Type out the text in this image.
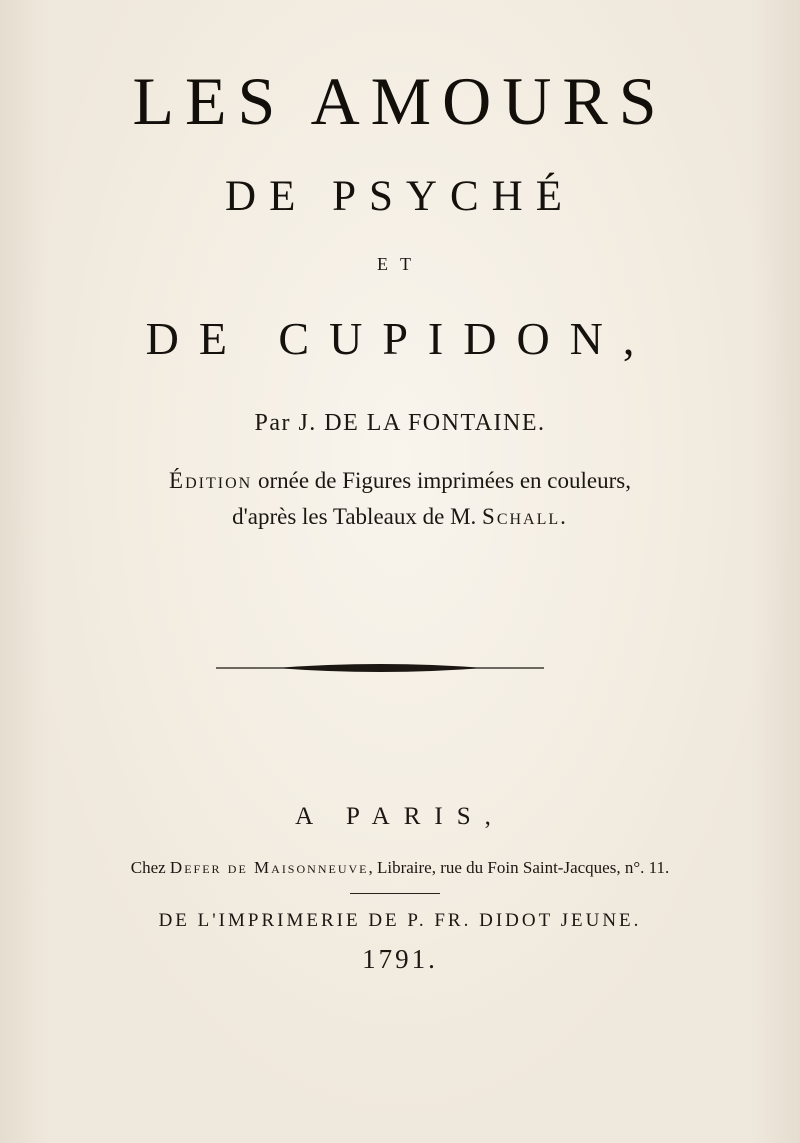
LES AMOURS
DE PSYCHÉ
ET
DE CUPIDON,
Par J. DE LA FONTAINE.
Édition ornée de Figures imprimées en couleurs,
d'après les Tableaux de M. Schall.
A PARIS,
Chez Defer de Maisonneuve, Libraire, rue du Foin Saint-Jacques, n°. 11.
DE L'IMPRIMERIE DE P. FR. DIDOT JEUNE.
1791.
